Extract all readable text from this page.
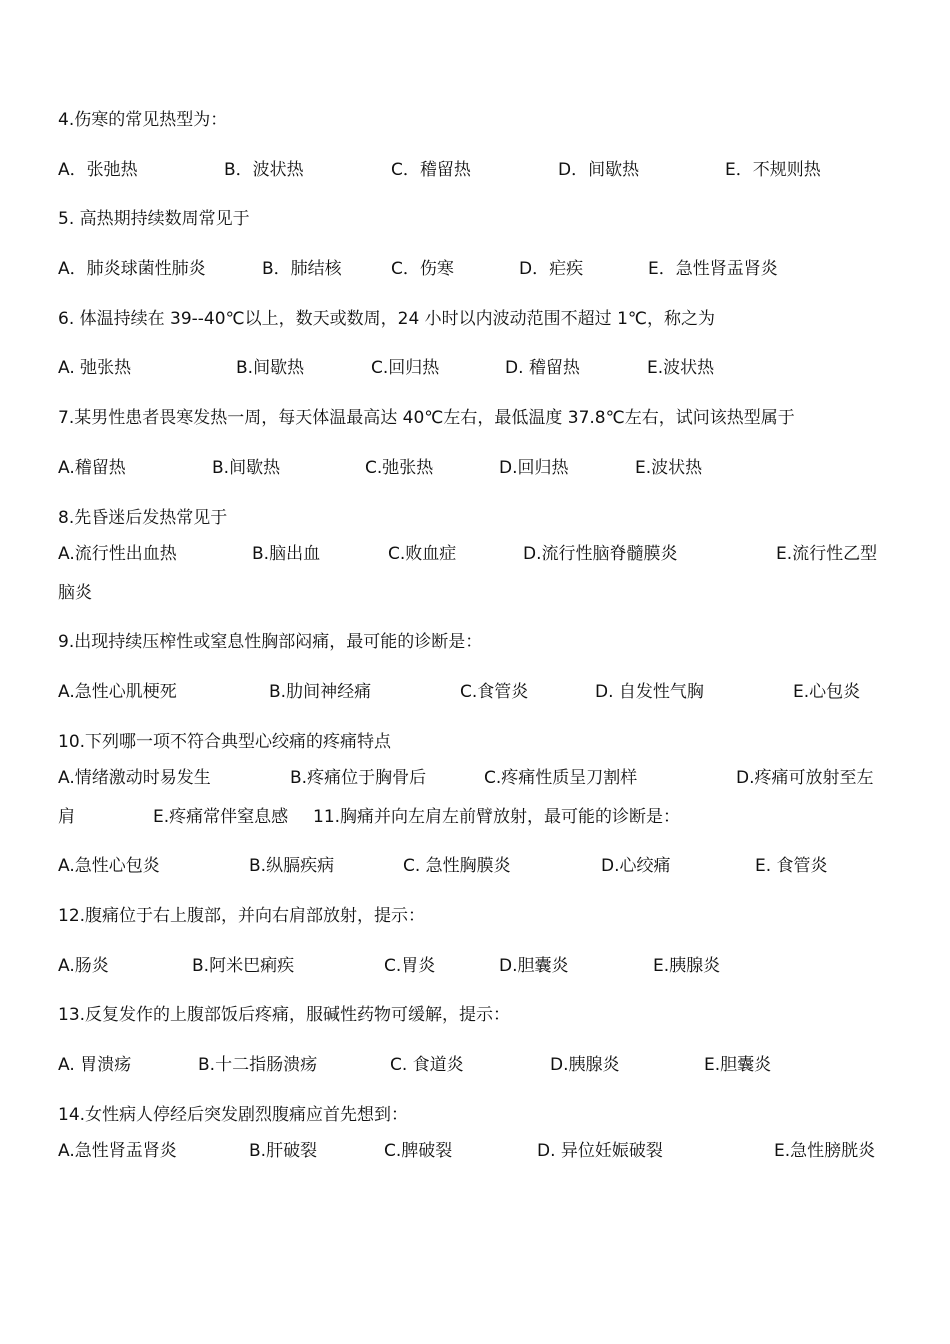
4.伤寒的常见热型为：
A．张弛热	B．波状热	C．稽留热	D．间歇热	E．不规则热
5. 高热期持续数周常见于
A．肺炎球菌性肺炎	B．肺结核	C．伤寒	D．疟疾	E．急性肾盂肾炎
6. 体温持续在 39--40℃以上，数天或数周，24 小时以内波动范围不超过 1℃，称之为
A. 弛张热	B.间歇热	C.回归热	D. 稽留热	E.波状热
7.某男性患者畏寒发热一周，每天体温最高达 40℃左右，最低温度 37.8℃左右，试问该热型属于
A.稽留热	B.间歇热	C.弛张热	D.回归热	E.波状热
8.先昏迷后发热常见于
A.流行性出血热	B.脑出血	C.败血症	D.流行性脑脊髓膜炎	E.流行性乙型
脑炎
9.出现持续压榨性或窒息性胸部闷痛，最可能的诊断是：
A.急性心肌梗死	B.肋间神经痛	C.食管炎	D. 自发性气胸	E.心包炎
10.下列哪一项不符合典型心绞痛的疼痛特点
A.情绪激动时易发生	B.疼痛位于胸骨后	C.疼痛性质呈刀割样	D.疼痛可放射至左
肩	E.疼痛常伴窒息感 11.胸痛并向左肩左前臂放射，最可能的诊断是：
A.急性心包炎	B.纵膈疾病	C. 急性胸膜炎	D.心绞痛	E. 食管炎
12.腹痛位于右上腹部，并向右肩部放射，提示：
A.肠炎	B.阿米巴痢疾	C.胃炎	D.胆囊炎	E.胰腺炎
13.反复发作的上腹部饭后疼痛，服碱性药物可缓解，提示：
A. 胃溃疡	B.十二指肠溃疡	C. 食道炎	D.胰腺炎	E.胆囊炎
14.女性病人停经后突发剧烈腹痛应首先想到：
A.急性肾盂肾炎	B.肝破裂	C.脾破裂	D. 异位妊娠破裂	E.急性膀胱炎
